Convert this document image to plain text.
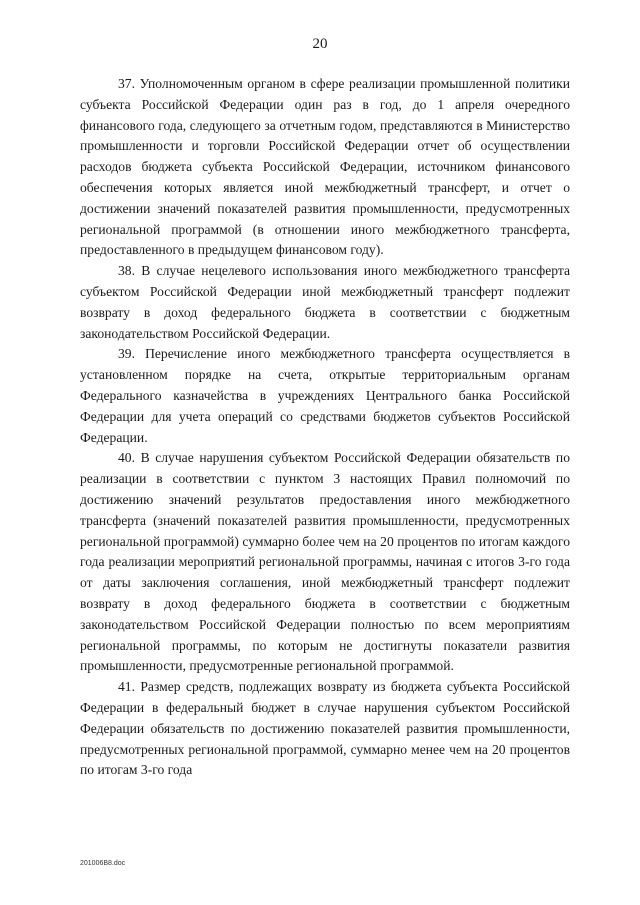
20

37. Уполномоченным органом в сфере реализации промышленной политики субъекта Российской Федерации один раз в год, до 1 апреля очередного финансового года, следующего за отчетным годом, представляются в Министерство промышленности и торговли Российской Федерации отчет об осуществлении расходов бюджета субъекта Российской Федерации, источником финансового обеспечения которых является иной межбюджетный трансферт, и отчет о достижении значений показателей развития промышленности, предусмотренных региональной программой (в отношении иного межбюджетного трансферта, предоставленного в предыдущем финансовом году).

38. В случае нецелевого использования иного межбюджетного трансферта субъектом Российской Федерации иной межбюджетный трансферт подлежит возврату в доход федерального бюджета в соответствии с бюджетным законодательством Российской Федерации.

39. Перечисление иного межбюджетного трансферта осуществляется в установленном порядке на счета, открытые территориальным органам Федерального казначейства в учреждениях Центрального банка Российской Федерации для учета операций со средствами бюджетов субъектов Российской Федерации.

40. В случае нарушения субъектом Российской Федерации обязательств по реализации в соответствии с пунктом 3 настоящих Правил полномочий по достижению значений результатов предоставления иного межбюджетного трансферта (значений показателей развития промышленности, предусмотренных региональной программой) суммарно более чем на 20 процентов по итогам каждого года реализации мероприятий региональной программы, начиная с итогов 3-го года от даты заключения соглашения, иной межбюджетный трансферт подлежит возврату в доход федерального бюджета в соответствии с бюджетным законодательством Российской Федерации полностью по всем мероприятиям региональной программы, по которым не достигнуты показатели развития промышленности, предусмотренные региональной программой.

41. Размер средств, подлежащих возврату из бюджета субъекта Российской Федерации в федеральный бюджет в случае нарушения субъектом Российской Федерации обязательств по достижению показателей развития промышленности, предусмотренных региональной программой, суммарно менее чем на 20 процентов по итогам 3-го года

201006B8.doc
